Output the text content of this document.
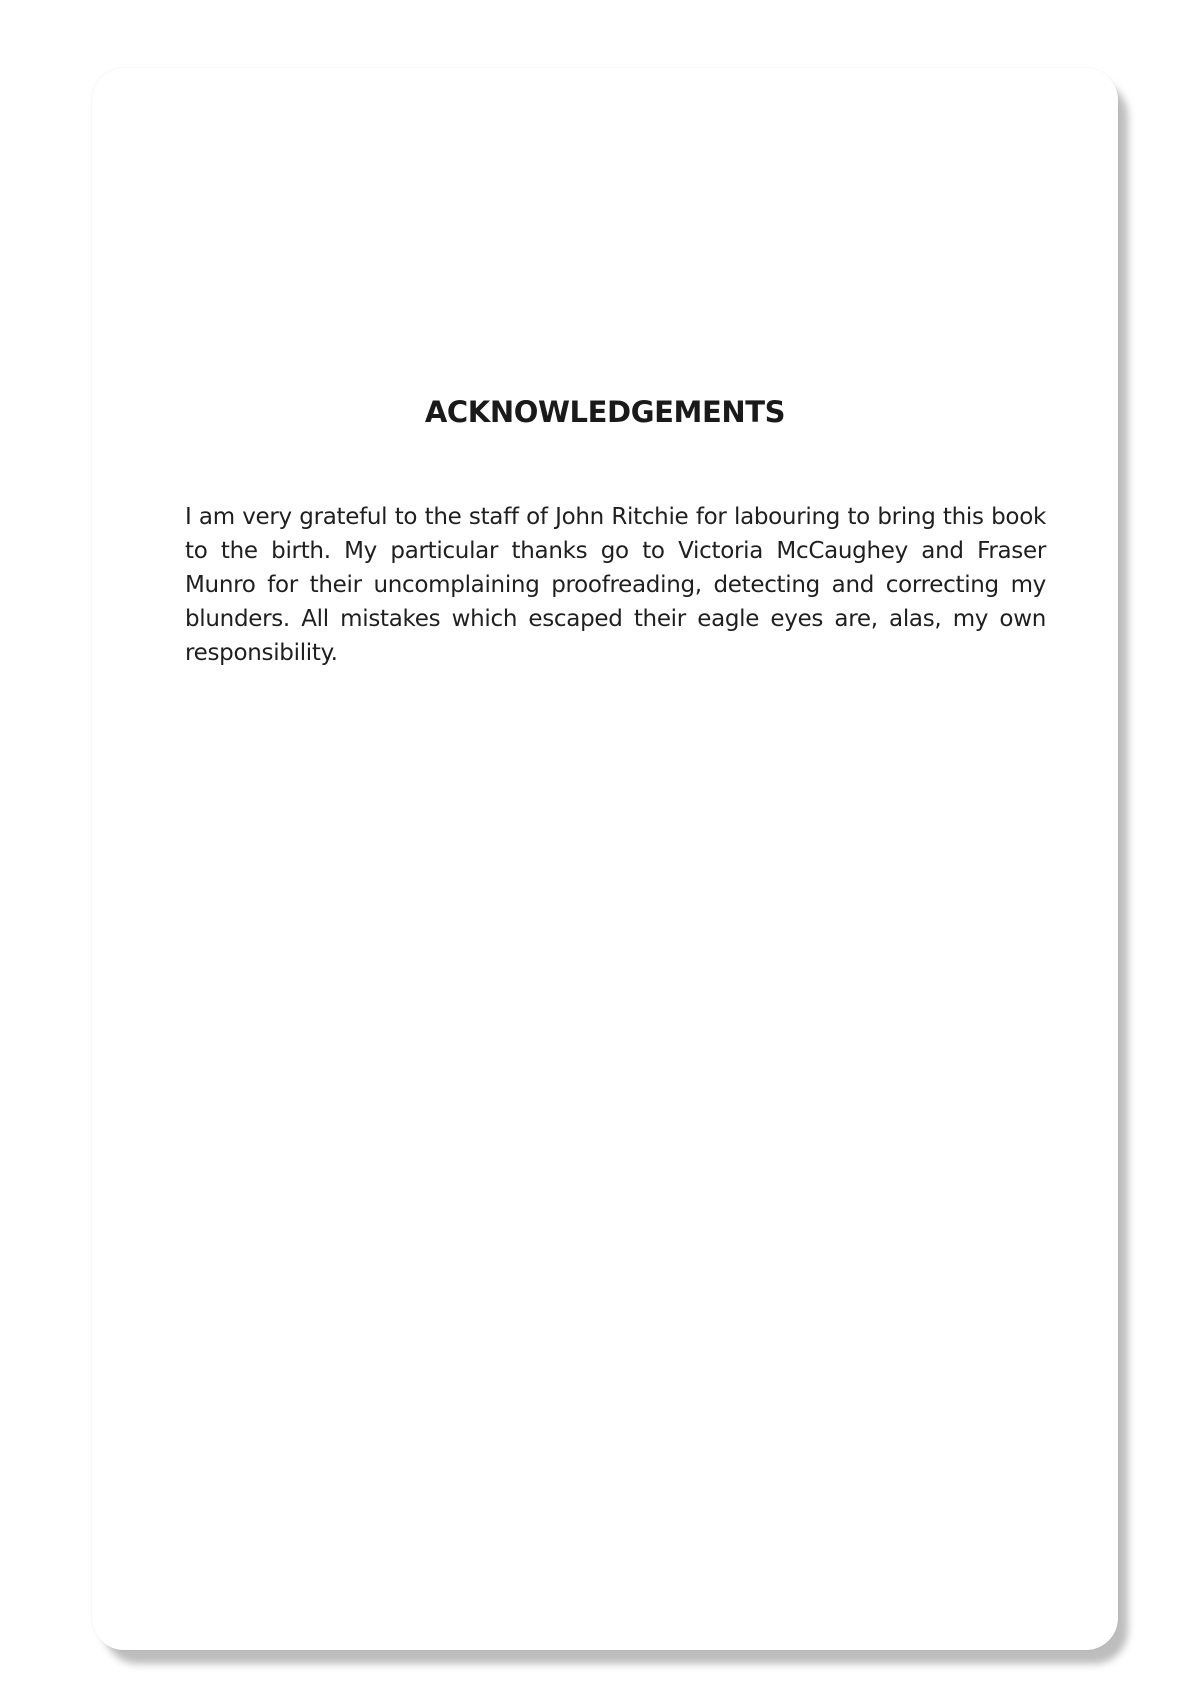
ACKNOWLEDGEMENTS

I am very grateful to the staff of John Ritchie for labouring to bring this book to the birth. My particular thanks go to Victoria McCaughey and Fraser Munro for their uncomplaining proofreading, detecting and correcting my blunders. All mistakes which escaped their eagle eyes are, alas, my own responsibility.
